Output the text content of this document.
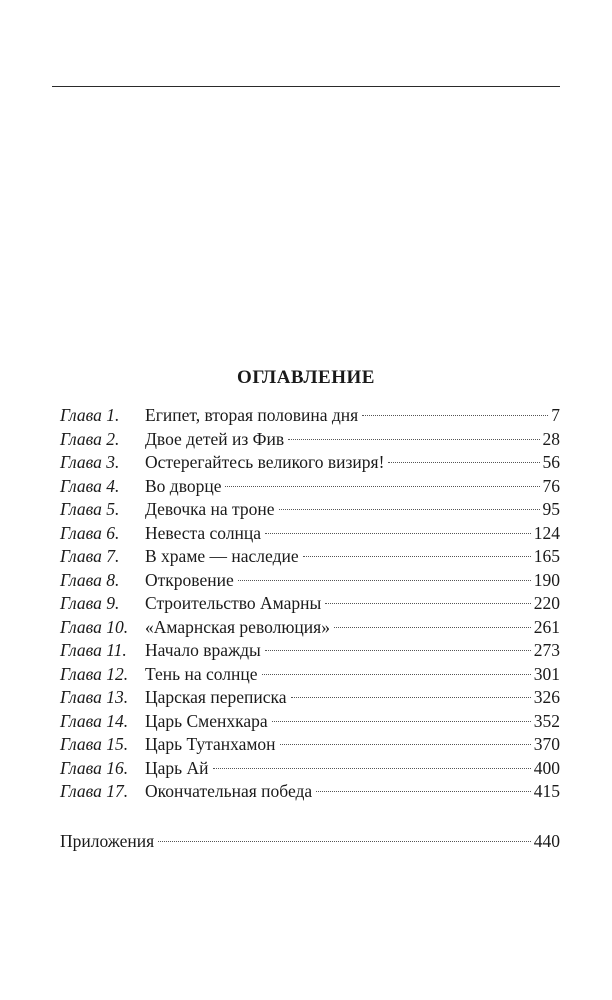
ОГЛАВЛЕНИЕ
Глава 1.	Египет, вторая половина дня	7
Глава 2.	Двое детей из Фив	28
Глава 3.	Остерегайтесь великого визиря!	56
Глава 4.	Во дворце	76
Глава 5.	Девочка на троне	95
Глава 6.	Невеста солнца	124
Глава 7.	В храме — наследие	165
Глава 8.	Откровение	190
Глава 9.	Строительство Амарны	220
Глава 10. «Амарнская революция»	261
Глава 11.	Начало вражды	273
Глава 12. Тень на солнце	301
Глава 13. Царская переписка	326
Глава 14. Царь Сменхкара	352
Глава 15. Царь Тутанхамон	370
Глава 16. Царь Ай	400
Глава 17. Окончательная победа	415
Приложения	440
